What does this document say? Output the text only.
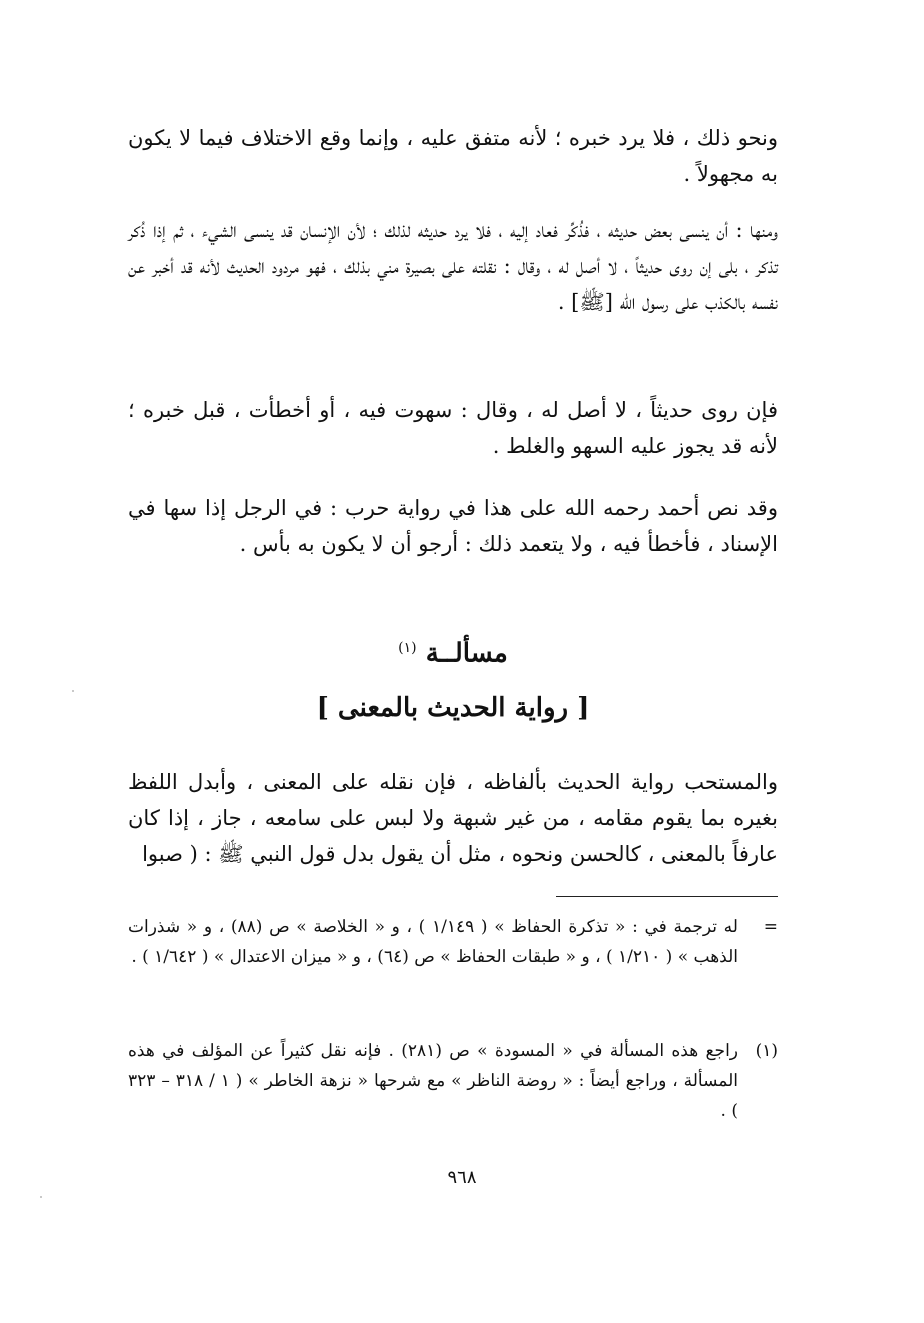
ونحو ذلك ، فلا يرد خبره ؛ لأنه متفق عليه ، وإنما وقع الاختلاف فيما لا يكون به مجهولاً .

ومنها : أن ينسى بعض حديثه ، فذُكِّر فعاد إليه ، فلا يرد حديثه لذلك ؛ لأن الإنسان قد ينسى الشيء ، ثم إذا ذُكر تذكر ، بلى إن روى حديثاً ، لا أصل له ، وقال : نقلته على بصيرة مني بذلك ، فهو مردود الحديث لأنه قد أخبر عن نفسه بالكذب على رسول الله [ﷺ] .

فإن روى حديثاً ، لا أصل له ، وقال : سهوت فيه ، أو أخطأت ، قبل خبره ؛ لأنه قد يجوز عليه السهو والغلط .

وقد نص أحمد رحمه الله على هذا في رواية حرب : في الرجل إذا سها في الإسناد ، فأخطأ فيه ، ولا يتعمد ذلك : أرجو أن لا يكون به بأس .

مسألــة $^{(١)}$
[ رواية الحديث بالمعنى ]

والمستحب رواية الحديث بألفاظه ، فإن نقله على المعنى ، وأبدل اللفظ بغيره بما يقوم مقامه ، من غير شبهة ولا لبس على سامعه ، جاز ، إذا كان عارفاً بالمعنى ، كالحسن ونحوه ، مثل أن يقول بدل قول النبي ﷺ : ( صبوا

=
له ترجمة في : « تذكرة الحفاظ » ( ١/١٤٩ ) ، و « الخلاصة » ص (٨٨) ، و « شذرات الذهب » ( ١/٢١٠ ) ، و « طبقات الحفاظ » ص (٦٤) ، و « ميزان الاعتدال » ( ١/٦٤٢ ) .
(١)
راجع هذه المسألة في « المسودة » ص (٢٨١) . فإنه نقل كثيراً عن المؤلف في هذه المسألة ، وراجع أيضاً : « روضة الناظر » مع شرحها « نزهة الخاطر » ( ١ / ٣١٨ – ٣٢٣ ) .
٩٦٨
